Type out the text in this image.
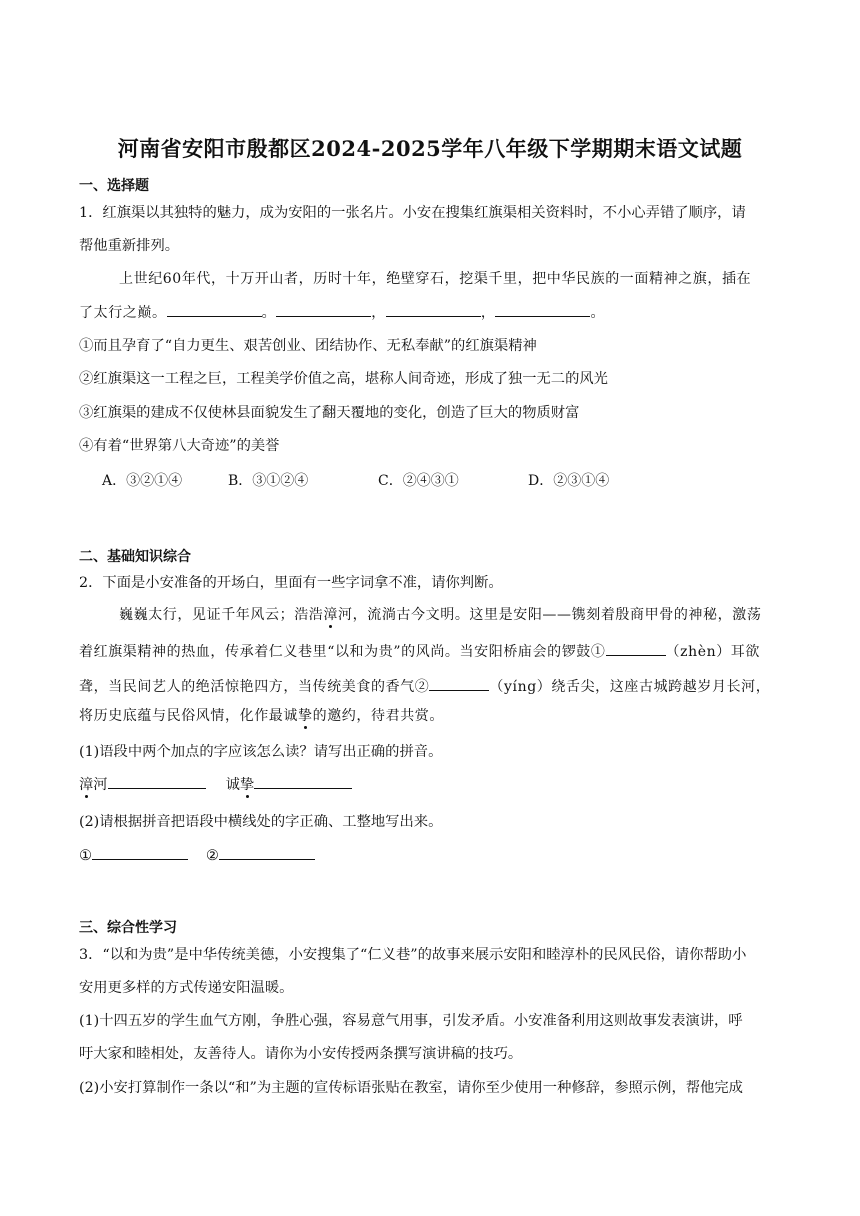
河南省安阳市殷都区2024-2025学年八年级下学期期末语文试题
一、选择题
1．红旗渠以其独特的魅力，成为安阳的一张名片。小安在搜集红旗渠相关资料时，不小心弄错了顺序，请
帮他重新排列。
上世纪60年代，十万开山者，历时十年，绝壁穿石，挖渠千里，把中华民族的一面精神之旗，插在
了太行之巅。	。	，	，	。
①而且孕育了“自力更生、艰苦创业、团结协作、无私奉献”的红旗渠精神
②红旗渠这一工程之巨，工程美学价值之高，堪称人间奇迹，形成了独一无二的风光
③红旗渠的建成不仅使林县面貌发生了翻天覆地的变化，创造了巨大的物质财富
④有着“世界第八大奇迹”的美誉
A．③②①④	B．③①②④	C．②④③①	D．②③①④
二、基础知识综合
2．下面是小安准备的开场白，里面有一些字词拿不准，请你判断。
巍巍太行，见证千年风云；浩浩漳河，流淌古今文明。这里是安阳——镌刻着殷商甲骨的神秘，激荡
着红旗渠精神的热血，传承着仁义巷里“以和为贵”的风尚。当安阳桥庙会的锣鼓①	（zhèn）耳欲
聋，当民间艺人的绝活惊艳四方，当传统美食的香气②	（yíng）绕舌尖，这座古城跨越岁月长河，
将历史底蕴与民俗风情，化作最诚挚的邀约，待君共赏。
(1)语段中两个加点的字应该怎么读？请写出正确的拼音。
漳河	诚挚
(2)请根据拼音把语段中横线处的字正确、工整地写出来。
①	②
三、综合性学习
3．“以和为贵”是中华传统美德，小安搜集了“仁义巷”的故事来展示安阳和睦淳朴的民风民俗，请你帮助小
安用更多样的方式传递安阳温暖。
(1)十四五岁的学生血气方刚，争胜心强，容易意气用事，引发矛盾。小安准备利用这则故事发表演讲，呼
吁大家和睦相处，友善待人。请你为小安传授两条撰写演讲稿的技巧。
(2)小安打算制作一条以“和”为主题的宣传标语张贴在教室，请你至少使用一种修辞，参照示例，帮他完成
